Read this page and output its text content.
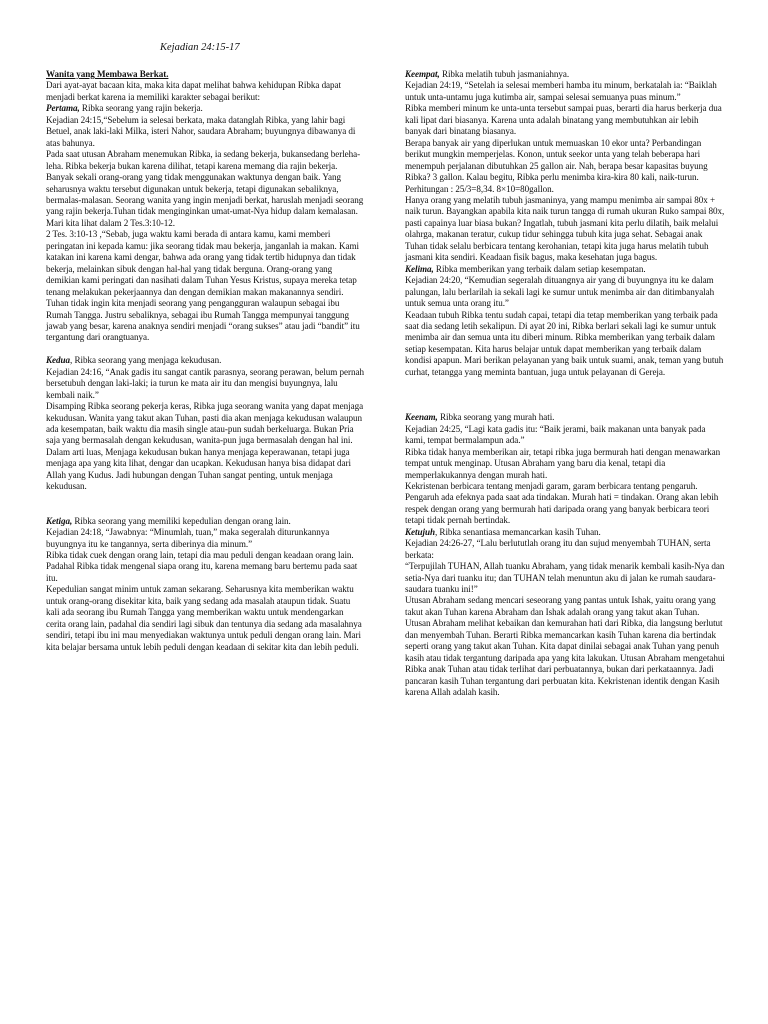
Kejadian 24:15-17

Wanita yang Membawa Berkat.

Dari ayat-ayat bacaan kita, maka kita dapat melihat bahwa kehidupan Ribka dapat menjadi berkat karena ia memiliki karakter sebagai berikut:

Pertama, Ribka seorang yang rajin bekerja.

Kejadian 24:15,“Sebelum ia selesai berkata, maka datanglah Ribka, yang lahir bagi Betuel, anak laki-laki Milka, isteri Nahor, saudara Abraham; buyungnya dibawanya di atas bahunya.

Pada saat utusan Abraham menemukan Ribka, ia sedang bekerja, bukansedang berleha-leha. Ribka bekerja bukan karena dilihat, tetapi karena memang dia rajin bekerja. Banyak sekali orang-orang yang tidak menggunakan waktunya dengan baik. Yang seharusnya waktu tersebut digunakan untuk bekerja, tetapi digunakan sebaliknya, bermalas-malasan. Seorang wanita yang ingin menjadi berkat, haruslah menjadi seorang yang rajin bekerja.Tuhan tidak menginginkan umat-umat-Nya hidup dalam kemalasan. Mari kita lihat dalam 2 Tes.3:10-12.

2 Tes. 3:10-13 ,“Sebab, juga waktu kami berada di antara kamu, kami memberi peringatan ini kepada kamu: jika seorang tidak mau bekerja, janganlah ia makan. Kami katakan ini karena kami dengar, bahwa ada orang yang tidak tertib hidupnya dan tidak bekerja, melainkan sibuk dengan hal-hal yang tidak berguna. Orang-orang yang demikian kami peringati dan nasihati dalam Tuhan Yesus Kristus, supaya mereka tetap tenang melakukan pekerjaannya dan dengan demikian makan makanannya sendiri.

Tuhan tidak ingin kita menjadi seorang yang pengangguran walaupun sebagai ibu Rumah Tangga. Justru sebaliknya, sebagai ibu Rumah Tangga mempunyai tanggung jawab yang besar, karena anaknya sendiri menjadi “orang sukses” atau jadi “bandit” itu tergantung dari orangtuanya.

Kedua, Ribka seorang yang menjaga kekudusan.

Kejadian 24:16, “Anak gadis itu sangat cantik parasnya, seorang perawan, belum pernah bersetubuh dengan laki-laki; ia turun ke mata air itu dan mengisi buyungnya, lalu kembali naik.”

Disamping Ribka seorang pekerja keras, Ribka juga seorang wanita yang dapat menjaga kekudusan. Wanita yang takut akan Tuhan, pasti dia akan menjaga kekudusan walaupun ada kesempatan, baik waktu dia masih single atau-pun sudah berkeluarga. Bukan Pria saja yang bermasalah dengan kekudusan, wanita-pun juga bermasalah dengan hal ini.

Dalam arti luas, Menjaga kekudusan bukan hanya menjaga keperawanan, tetapi juga menjaga apa yang kita lihat, dengar dan ucapkan. Kekudusan hanya bisa didapat dari Allah yang Kudus. Jadi hubungan dengan Tuhan sangat penting, untuk menjaga kekudusan.

Ketiga, Ribka seorang yang memiliki kepedulian dengan orang lain.

Kejadian 24:18, “Jawabnya: “Minumlah, tuan,” maka segeralah diturunkannya buyungnya itu ke tangannya, serta diberinya dia minum.”

Ribka tidak cuek dengan orang lain, tetapi dia mau peduli dengan keadaan orang lain. Padahal Ribka tidak mengenal siapa orang itu, karena memang baru bertemu pada saat itu.

Kepedulian sangat minim untuk zaman sekarang. Seharusnya kita memberikan waktu untuk orang-orang disekitar kita, baik yang sedang ada masalah ataupun tidak. Suatu kali ada seorang ibu Rumah Tangga yang memberikan waktu untuk mendengarkan cerita orang lain, padahal dia sendiri lagi sibuk dan tentunya dia sedang ada masalahnya sendiri, tetapi ibu ini mau menyediakan waktunya untuk peduli dengan orang lain. Mari kita belajar bersama untuk lebih peduli dengan keadaan di sekitar kita dan lebih peduli.

Keempat, Ribka melatih tubuh jasmaniahnya.

Kejadian 24:19, “Setelah ia selesai memberi hamba itu minum, berkatalah ia: “Baiklah untuk unta-untamu juga kutimba air, sampai selesai semuanya puas minum.”

Ribka memberi minum ke unta-unta tersebut sampai puas, berarti dia harus berkerja dua kali lipat dari biasanya. Karena unta adalah binatang yang membutuhkan air lebih banyak dari binatang biasanya.

Berapa banyak air yang diperlukan untuk memuaskan 10 ekor unta? Perbandingan berikut mungkin memperjelas. Konon, untuk seekor unta yang telah beberapa hari menempuh perjalanan dibutuhkan 25 gallon air. Nah, berapa besar kapasitas buyung Ribka? 3 gallon. Kalau begitu, Ribka perlu menimba kira-kira 80 kali, naik-turun. Perhitungan : 25/3=8,34. 8×10=80gallon.

Hanya orang yang melatih tubuh jasmaninya, yang mampu menimba air sampai 80x + naik turun. Bayangkan apabila kita naik turun tangga di rumah ukuran Ruko sampai 80x, pasti capainya luar biasa bukan? Ingatlah, tubuh jasmani kita perlu dilatih, baik melalui olahrga, makanan teratur, cukup tidur sehingga tubuh kita juga sehat. Sebagai anak Tuhan tidak selalu berbicara tentang kerohanian, tetapi kita juga harus melatih tubuh jasmani kita sendiri. Keadaan fisik bagus, maka kesehatan juga bagus.

Kelima, Ribka memberikan yang terbaik dalam setiap kesempatan.

Kejadian 24:20, “Kemudian segeralah dituangnya air yang di buyungnya itu ke dalam palungan, lalu berlarilah ia sekali lagi ke sumur untuk menimba air dan ditimbanyalah untuk semua unta orang itu.”

Keadaan tubuh Ribka tentu sudah capai, tetapi dia tetap memberikan yang terbaik pada saat dia sedang letih sekalipun. Di ayat 20 ini, Ribka berlari sekali lagi ke sumur untuk menimba air dan semua unta itu diberi minum. Ribka memberikan yang terbaik dalam setiap kesempatan. Kita harus belajar untuk dapat memberikan yang terbaik dalam kondisi apapun. Mari berikan pelayanan yang baik untuk suami, anak, teman yang butuh curhat, tetangga yang meminta bantuan, juga untuk pelayanan di Gereja.

Keenam, Ribka seorang yang murah hati.

Kejadian 24:25, “Lagi kata gadis itu: “Baik jerami, baik makanan unta banyak pada kami, tempat bermalampun ada.”

Ribka tidak hanya memberikan air, tetapi ribka juga bermurah hati dengan menawarkan tempat untuk menginap. Utusan Abraham yang baru dia kenal, tetapi dia memperlakukannya dengan murah hati.

Kekristenan berbicara tentang menjadi garam, garam berbicara tentang pengaruh. Pengaruh ada efeknya pada saat ada tindakan. Murah hati = tindakan. Orang akan lebih respek dengan orang yang bermurah hati daripada orang yang banyak berbicara teori tetapi tidak pernah bertindak.

Ketujuh, Ribka senantiasa memancarkan kasih Tuhan.

Kejadian 24:26-27, “Lalu berlututlah orang itu dan sujud menyembah TUHAN, serta berkata:

“Terpujilah TUHAN, Allah tuanku Abraham, yang tidak menarik kembali kasih-Nya dan setia-Nya dari tuanku itu; dan TUHAN telah menuntun aku di jalan ke rumah saudara-saudara tuanku ini!”

Utusan Abraham sedang mencari seseorang yang pantas untuk Ishak, yaitu orang yang takut akan Tuhan karena Abraham dan Ishak adalah orang yang takut akan Tuhan. Utusan Abraham melihat kebaikan dan kemurahan hati dari Ribka, dia langsung berlutut dan menyembah Tuhan. Berarti Ribka memancarkan kasih Tuhan karena dia bertindak seperti orang yang takut akan Tuhan. Kita dapat dinilai sebagai anak Tuhan yang penuh kasih atau tidak tergantung daripada apa yang kita lakukan. Utusan Abraham mengetahui Ribka anak Tuhan atau tidak terlihat dari perbuatannya, bukan dari perkataannya. Jadi pancaran kasih Tuhan tergantung dari perbuatan kita. Kekristenan identik dengan Kasih karena Allah adalah kasih.
